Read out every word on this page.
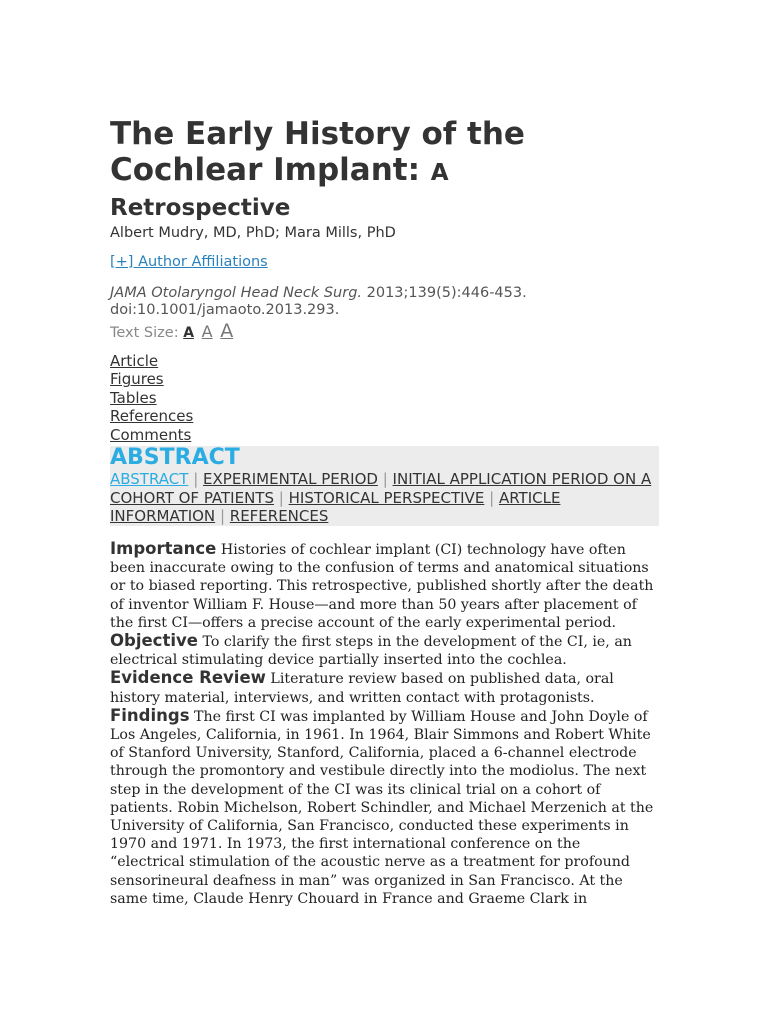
The Early History of the Cochlear Implant: A
Retrospective

Albert Mudry, MD, PhD; Mara Mills, PhD

[+] Author Affiliations

JAMA Otolaryngol Head Neck Surg. 2013;139(5):446-453. doi:10.1001/jamaoto.2013.293.

Text Size: A A A

Article
Figures
Tables
References
Comments
ABSTRACT
ABSTRACT | EXPERIMENTAL PERIOD | INITIAL APPLICATION PERIOD ON A COHORT OF PATIENTS | HISTORICAL PERSPECTIVE | ARTICLE INFORMATION | REFERENCES

Importance Histories of cochlear implant (CI) technology have often been inaccurate owing to the confusion of terms and anatomical situations or to biased reporting. This retrospective, published shortly after the death of inventor William F. House—and more than 50 years after placement of the first CI—offers a precise account of the early experimental period.

Objective To clarify the first steps in the development of the CI, ie, an electrical stimulating device partially inserted into the cochlea.

Evidence Review Literature review based on published data, oral history material, interviews, and written contact with protagonists.

Findings The first CI was implanted by William House and John Doyle of Los Angeles, California, in 1961. In 1964, Blair Simmons and Robert White of Stanford University, Stanford, California, placed a 6-channel electrode through the promontory and vestibule directly into the modiolus. The next step in the development of the CI was its clinical trial on a cohort of patients. Robin Michelson, Robert Schindler, and Michael Merzenich at the University of California, San Francisco, conducted these experiments in 1970 and 1971. In 1973, the first international conference on the “electrical stimulation of the acoustic nerve as a treatment for profound sensorineural deafness in man” was organized in San Francisco. At the same time, Claude Henry Chouard in France and Graeme Clark in
